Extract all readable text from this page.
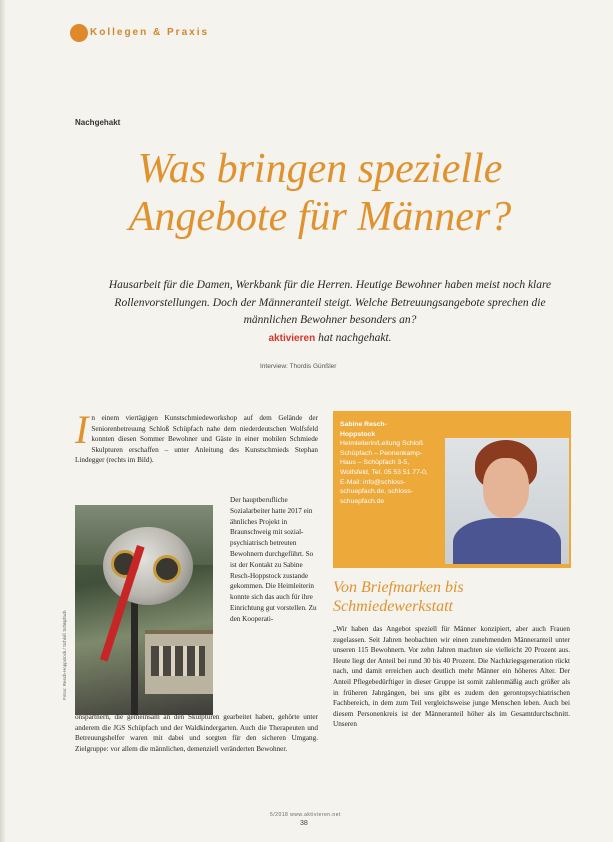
Kollegen & Praxis
Nachgehakt
Was bringen spezielle
Angebote für Männer?

Hausarbeit für die Damen, Werkbank für die Herren. Heutige Bewohner haben meist noch klare Rollenvorstellungen. Doch der Männeranteil steigt. Welche Betreuungsangebote sprechen die männlichen Bewohner besonders an?
aktivieren hat nachgehakt.

Interview: Thordis Günßler
I n einem viertägigen Kunstschmiedeworkshop auf dem Gelände der Seniorenbetreuung Schloß Schüpfach nahe dem niederdeutschen Wolfsfeld konnten diesen Sommer Bewohner und Gäste in einer mobilen Schmiede Skulpturen erschaffen – unter Anleitung des Kunstschmieds Stephan Lindegger (rechts im Bild).

Fotos: Resch-Hoppstock / Schloß Schüpfach

Der hauptberufliche Sozialarbeiter hatte 2017 ein ähnliches Projekt in Braunschweig mit sozial-psychiatrisch betreuten Bewohnern durchgeführt. So ist der Kontakt zu Sabine Resch-Hoppstock zustande gekommen. Die Heimleiterin konnte sich das auch für ihre Einrichtung gut vorstellen. Zu den Kooperati-

onspartnern, die gemeinsam an den Skulpturen gearbeitet haben, gehörte unter anderem die JGS Schüpfach und der Waldkindergarten. Auch die Therapeuten und Betreuungshelfer waren mit dabei und sorgten für den sicheren Umgang. Zielgruppe: vor allem die männlichen, demenziell veränderten Bewohner.

Sabine Resch-
Hoppstock
Heimleiterin/Leitung Schloß Schüpfach – Pennenkamp-Haus – Schüpfach 3-5, Wolfsfeld, Tel. 05 53 51 77-0, E-Mail: info@schloss-schuepfach.de, schloss-schuepfach.de
Von Briefmarken bis Schmiedewerkstatt

„Wir haben das Angebot speziell für Männer konzipiert, aber auch Frauen zugelassen. Seit Jahren beobachten wir einen zunehmenden Männeranteil unter unseren 115 Bewohnern. Vor zehn Jahren machten sie vielleicht 20 Prozent aus. Heute liegt der Anteil bei rund 30 bis 40 Prozent. Die Nachkriegsgeneration rückt nach, und damit erreichen auch deutlich mehr Männer ein höheres Alter. Der Anteil Pflegebedürftiger in dieser Gruppe ist somit zahlenmäßig auch größer als in früheren Jahrgängen, bei uns gibt es zudem den gerontopsychiatrischen Fachbereich, in dem zum Teil vergleichsweise junge Menschen leben. Auch bei diesem Personenkreis ist der Männeranteil höher als im Gesamtdurchschnitt. Unseren

5/2018 www.aktivieren.net
38
